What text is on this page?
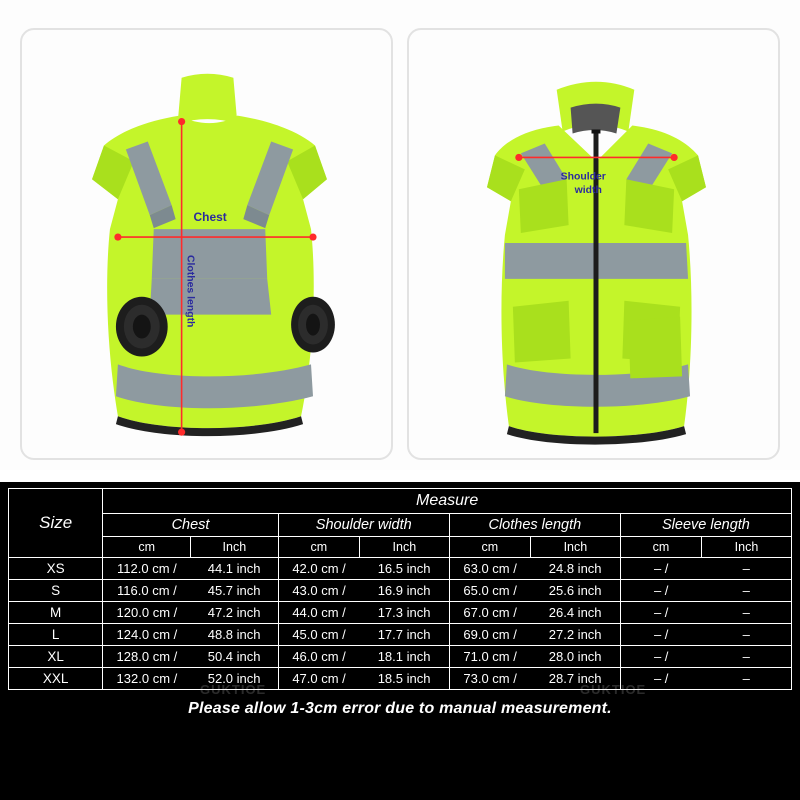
Chest
Clothes length
Shoulder
width
GUKTIOE	GUKTIOE
Size	Measure							
	Chest		Shoulder width		Clothes length		Sleeve length	
	cm	Inch	cm	Inch	cm	Inch	cm	Inch
XS	112.0 cm /	44.1 inch	42.0 cm /	16.5 inch	63.0 cm /	24.8 inch	– /	–
S	116.0 cm /	45.7 inch	43.0 cm /	16.9 inch	65.0 cm /	25.6 inch	– /	–
M	120.0 cm /	47.2 inch	44.0 cm /	17.3 inch	67.0 cm /	26.4 inch	– /	–
L	124.0 cm /	48.8 inch	45.0 cm /	17.7 inch	69.0 cm /	27.2 inch	– /	–
XL	128.0 cm /	50.4 inch	46.0 cm /	18.1 inch	71.0 cm /	28.0 inch	– /	–
XXL	132.0 cm /	52.0 inch	47.0 cm /	18.5 inch	73.0 cm /	28.7 inch	– /	–
Please allow 1-3cm error due to manual measurement.
